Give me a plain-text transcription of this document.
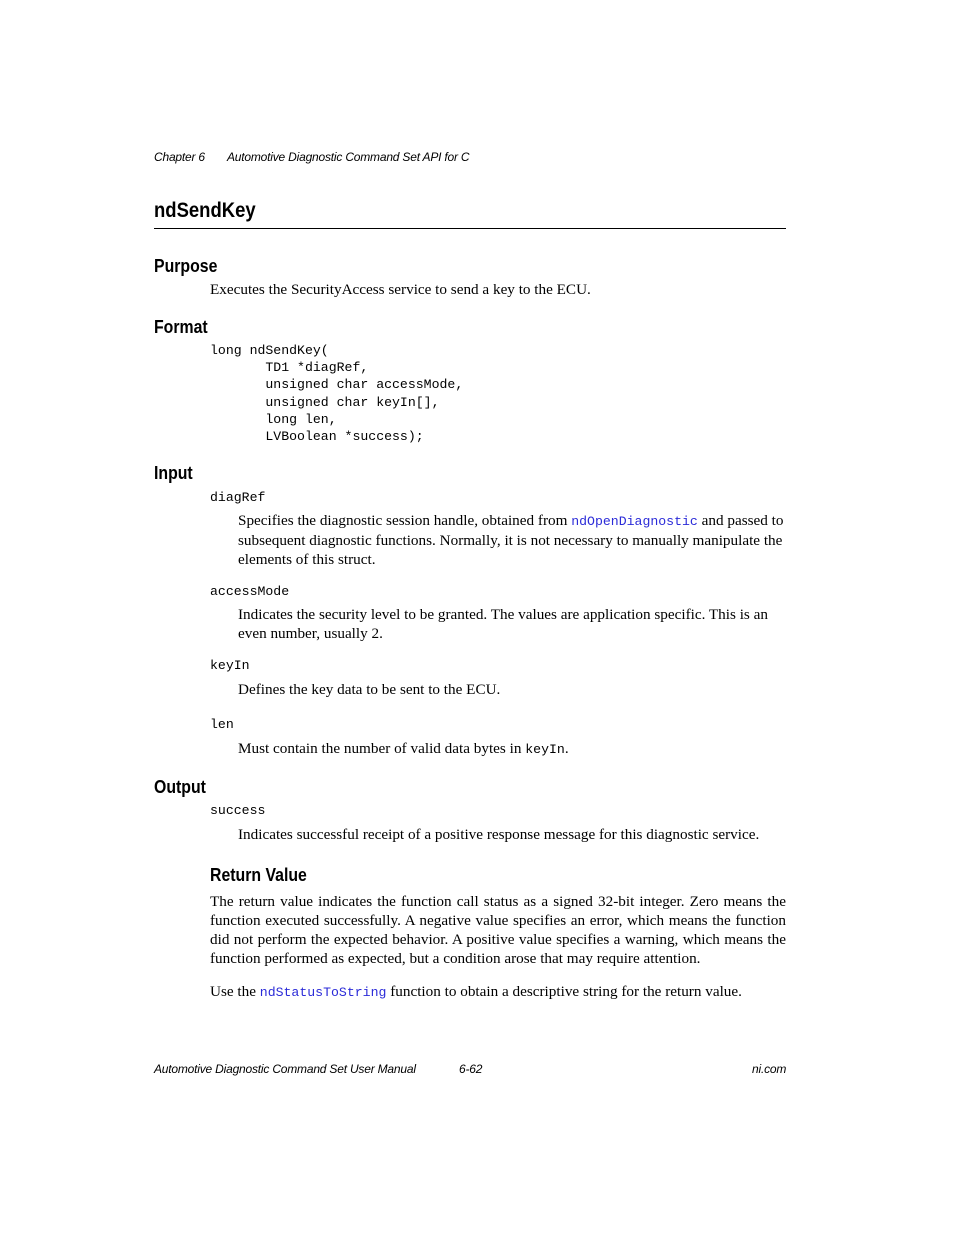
Chapter 6 Automotive Diagnostic Command Set API for C
ndSendKey
Purpose
Executes the SecurityAccess service to send a key to the ECU.
Format
long ndSendKey(
TD1 *diagRef,
unsigned char accessMode,
unsigned char keyIn[],
long len,
LVBoolean *success);
Input
diagRef
Specifies the diagnostic session handle, obtained from ndOpenDiagnostic and passed to subsequent diagnostic functions. Normally, it is not necessary to manually manipulate the elements of this struct.
accessMode
Indicates the security level to be granted. The values are application specific. This is an even number, usually 2.
keyIn
Defines the key data to be sent to the ECU.
len
Must contain the number of valid data bytes in keyIn.
Output
success
Indicates successful receipt of a positive response message for this diagnostic service.
Return Value
The return value indicates the function call status as a signed 32-bit integer. Zero means the function executed successfully. A negative value specifies an error, which means the function did not perform the expected behavior. A positive value specifies a warning, which means the function performed as expected, but a condition arose that may require attention.
Use the ndStatusToString function to obtain a descriptive string for the return value.
Automotive Diagnostic Command Set User Manual	6-62	ni.com
